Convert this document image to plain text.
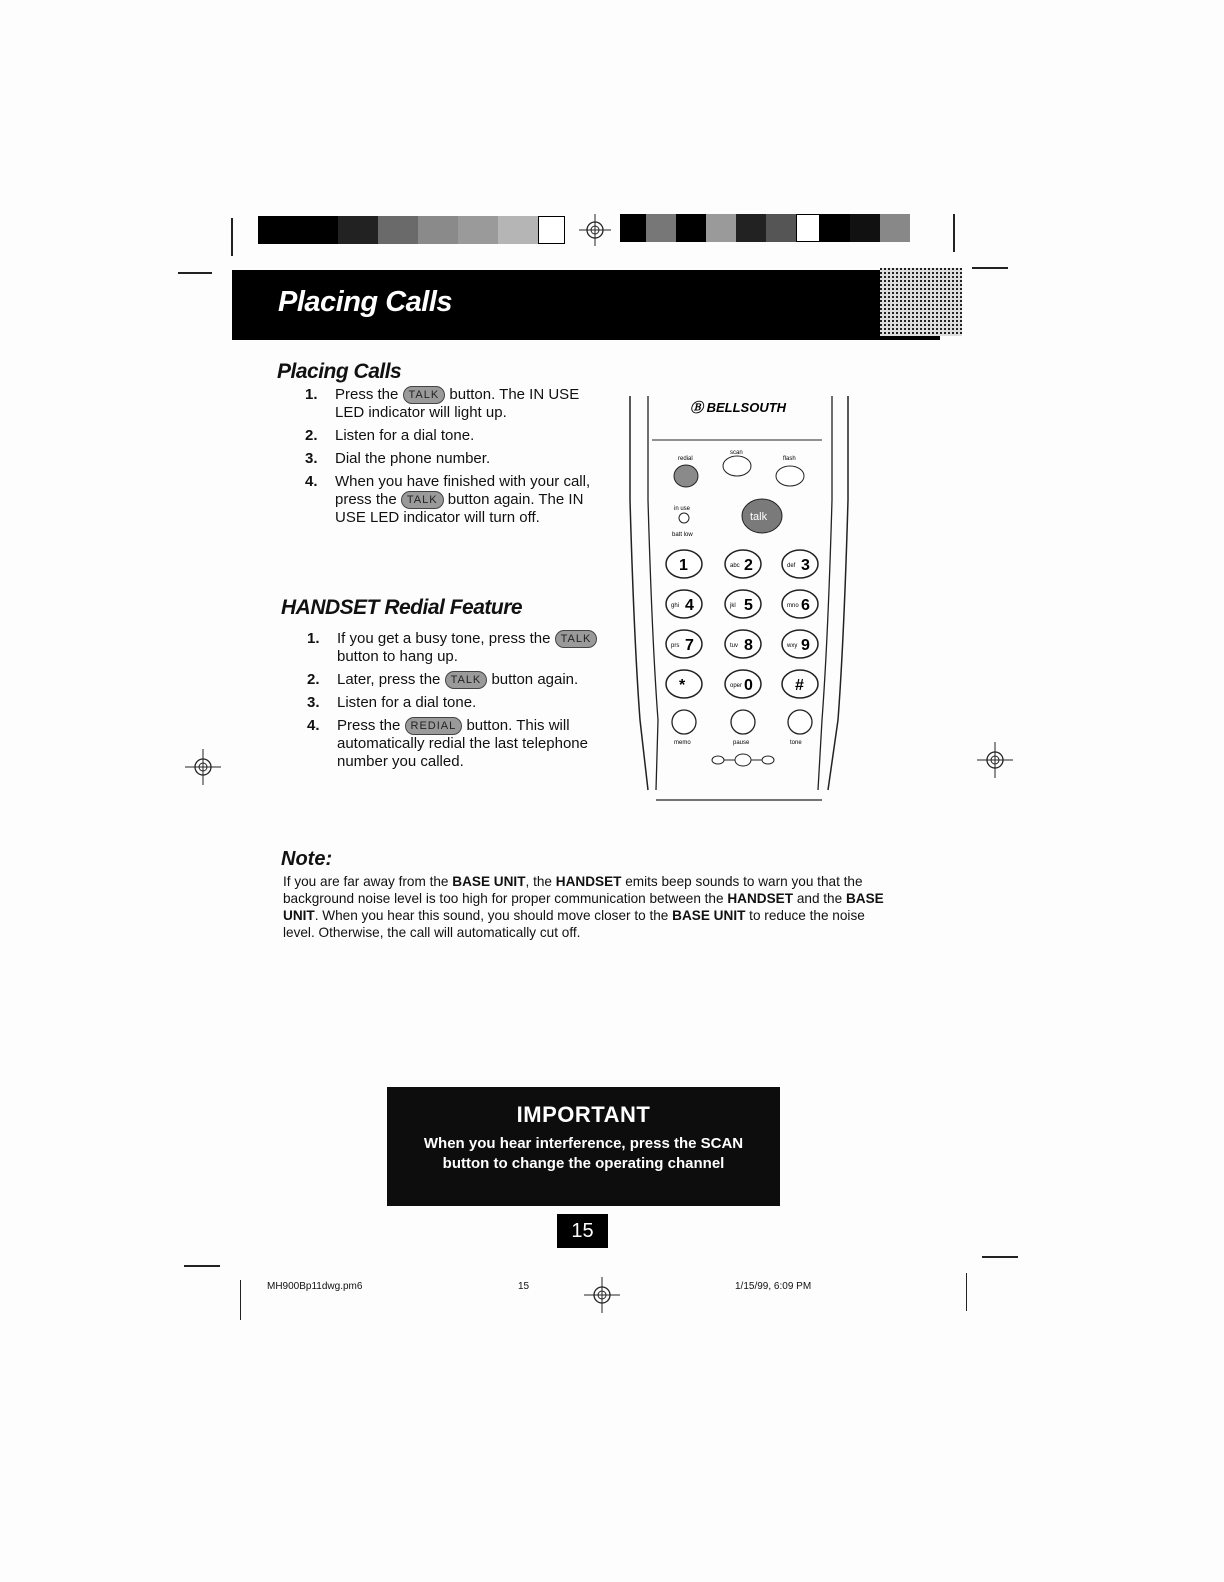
Placing Calls
Placing Calls
1. Press the TALK button. The IN USE LED indicator will light up.
2. Listen for a dial tone.
3. Dial the phone number.
4. When you have finished with your call, press the TALK button again. The IN USE LED indicator will turn off.
HANDSET Redial Feature
1. If you get a busy tone, press the TALK button to hang up.
2. Later, press the TALK button again.
3. Listen for a dial tone.
4. Press the REDIAL button. This will automatically redial the last telephone number you called.
Ⓑ BELLSOUTH
redial
scan
flash
in use
batt low
talk
1	abc 2	def 3
ghi 4	jkl 5	mno 6
prs 7	tuv 8	wxy 9
*	oper 0	#
memo	pause	tone
Note:
If you are far away from the BASE UNIT, the HANDSET emits beep sounds to warn you that the background noise level is too high for proper communication between the HANDSET and the BASE UNIT. When you hear this sound, you should move closer to the BASE UNIT to reduce the noise level. Otherwise, the call will automatically cut off.
IMPORTANT
When you hear interference, press the SCAN
button to change the operating channel
15
MH900Bp11dwg.pm6	15	1/15/99, 6:09 PM
